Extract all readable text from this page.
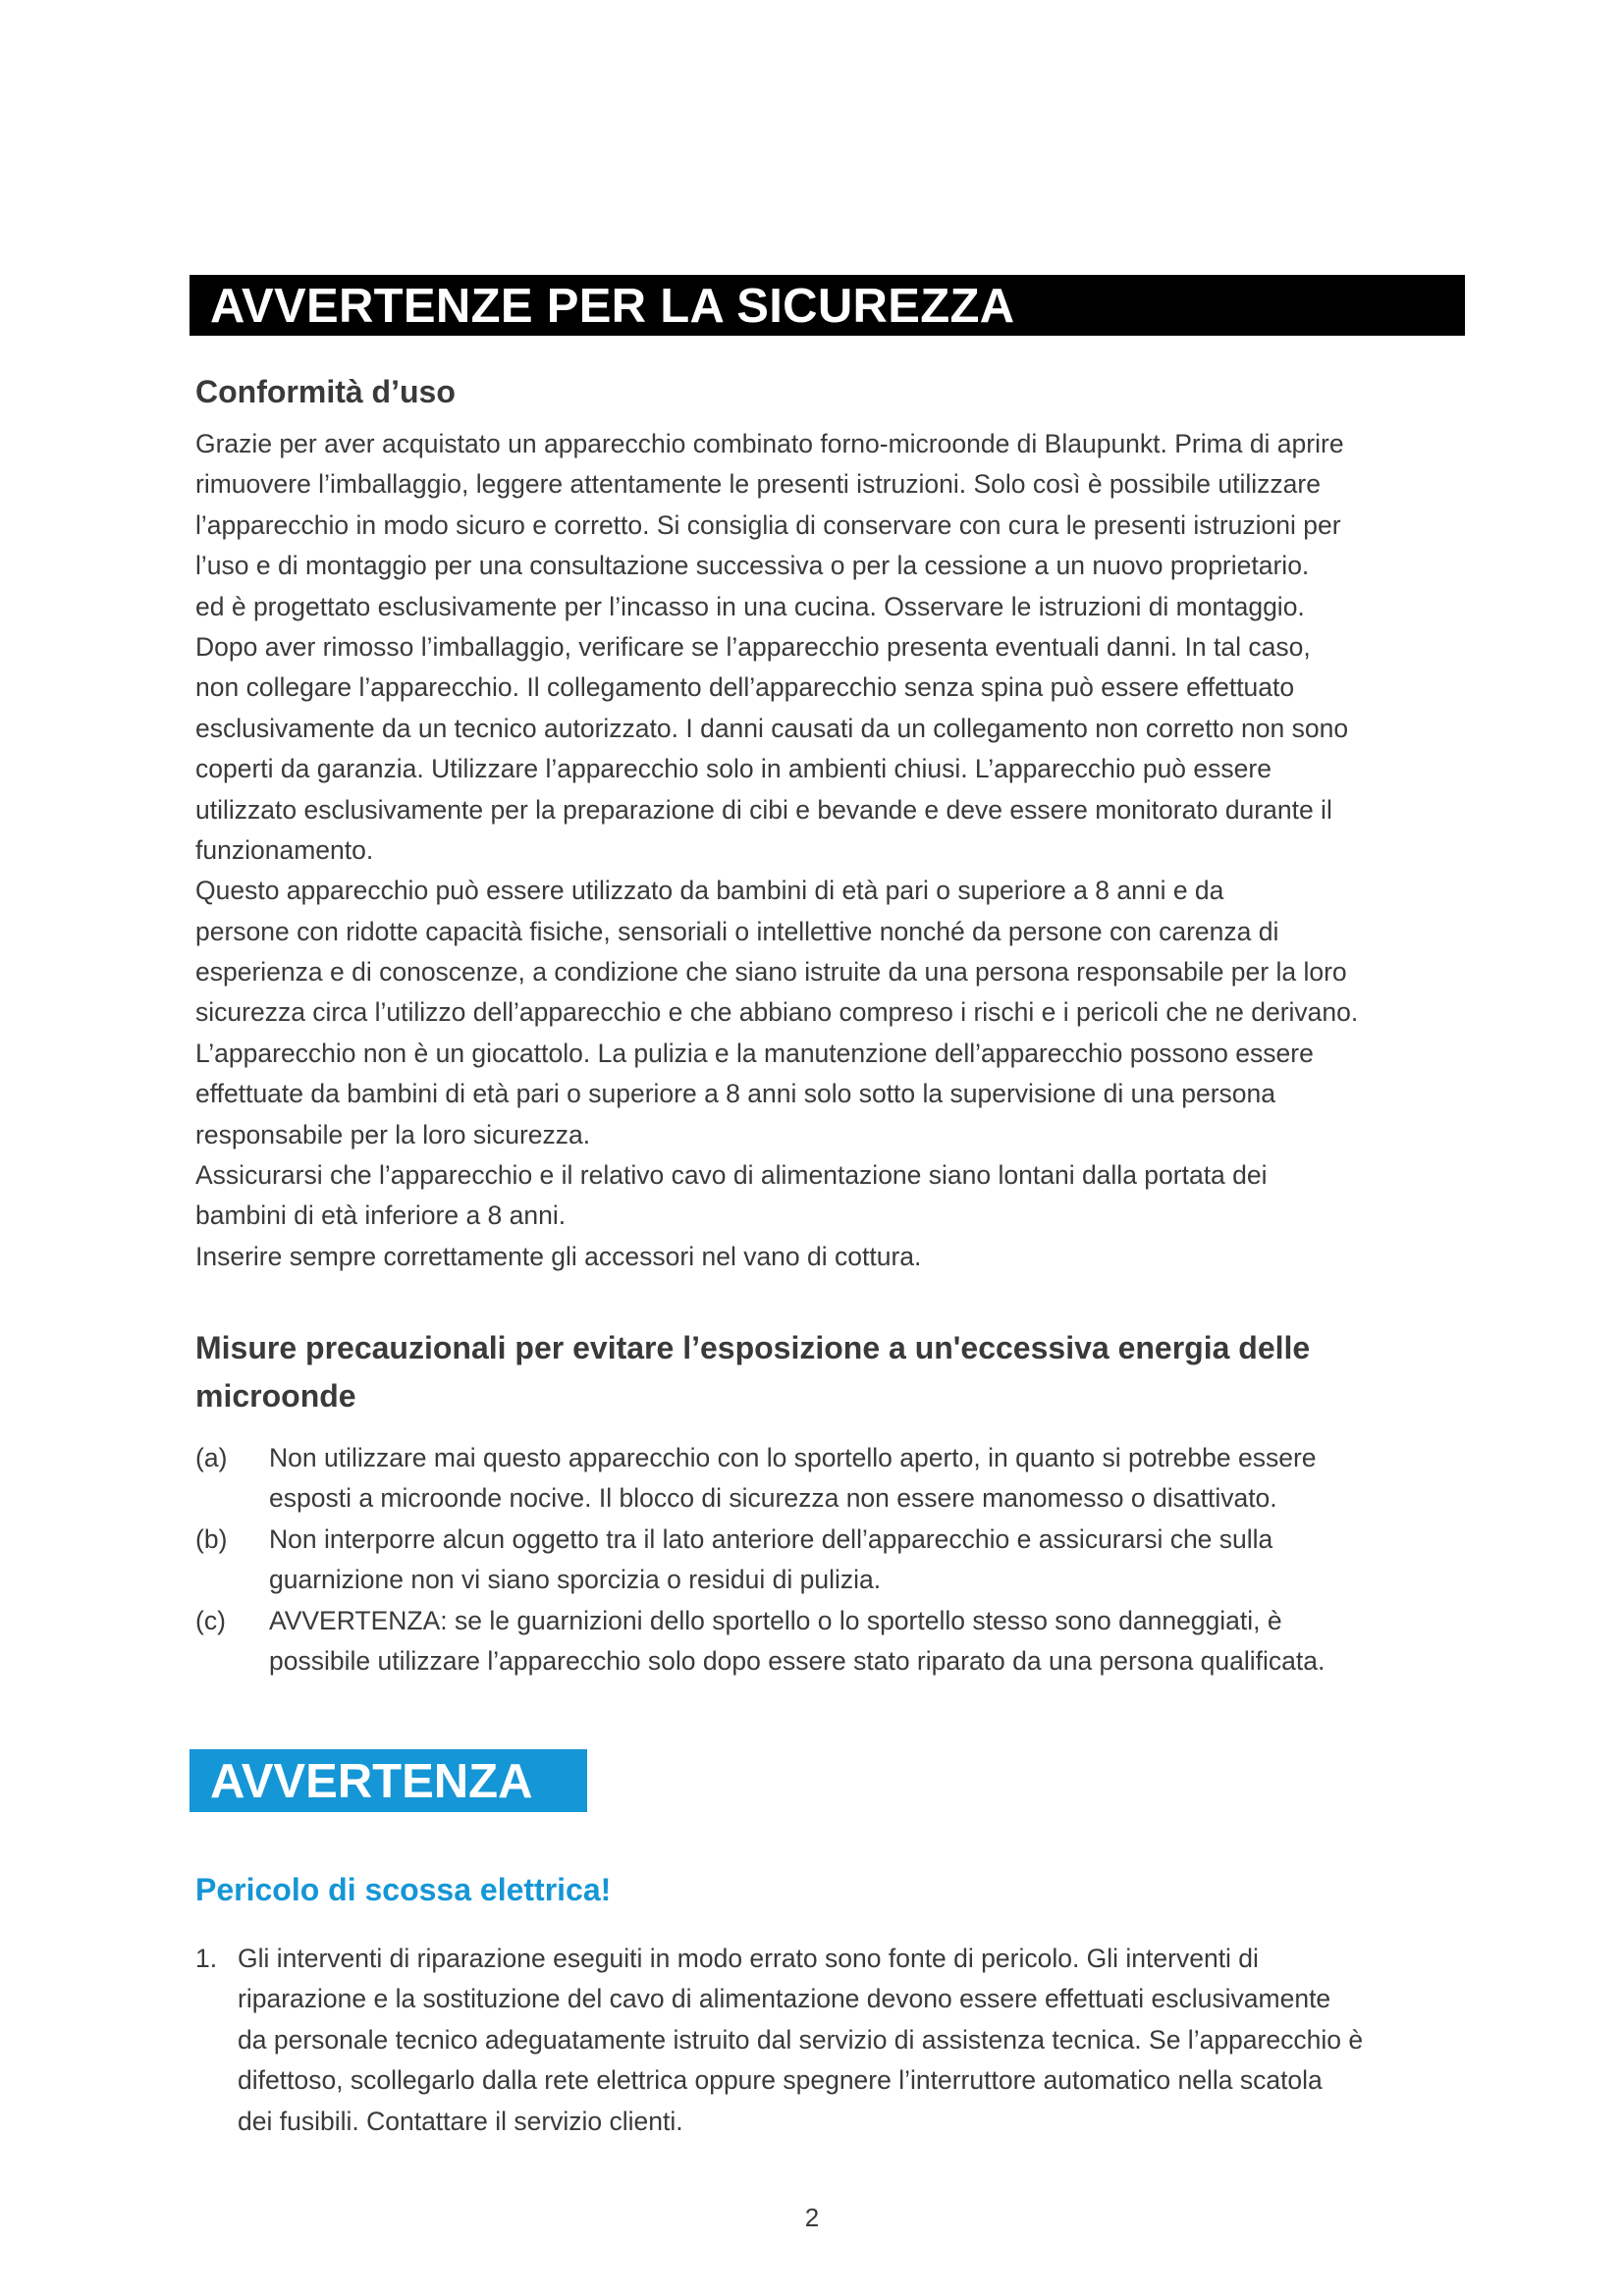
AVVERTENZE PER LA SICUREZZA
Conformità d’uso
Grazie per aver acquistato un apparecchio combinato forno-microonde di Blaupunkt. Prima di aprire
rimuovere l’imballaggio, leggere attentamente le presenti istruzioni. Solo così è possibile utilizzare
l’apparecchio in modo sicuro e corretto. Si consiglia di conservare con cura le presenti istruzioni per
l’uso e di montaggio per una consultazione successiva o per la cessione a un nuovo proprietario.
ed è progettato esclusivamente per l’incasso in una cucina. Osservare le istruzioni di montaggio.
Dopo aver rimosso l’imballaggio, verificare se l’apparecchio presenta eventuali danni. In tal caso,
non collegare l’apparecchio. Il collegamento dell’apparecchio senza spina può essere effettuato
esclusivamente da un tecnico autorizzato. I danni causati da un collegamento non corretto non sono
coperti da garanzia. Utilizzare l’apparecchio solo in ambienti chiusi. L’apparecchio può essere
utilizzato esclusivamente per la preparazione di cibi e bevande e deve essere monitorato durante il
funzionamento.
Questo apparecchio può essere utilizzato da bambini di età pari o superiore a 8 anni e da
persone con ridotte capacità fisiche, sensoriali o intellettive nonché da persone con carenza di
esperienza e di conoscenze, a condizione che siano istruite da una persona responsabile per la loro
sicurezza circa l’utilizzo dell’apparecchio e che abbiano compreso i rischi e i pericoli che ne derivano.
L’apparecchio non è un giocattolo. La pulizia e la manutenzione dell’apparecchio possono essere
effettuate da bambini di età pari o superiore a 8 anni solo sotto la supervisione di una persona
responsabile per la loro sicurezza.
Assicurarsi che l’apparecchio e il relativo cavo di alimentazione siano lontani dalla portata dei
bambini di età inferiore a 8 anni.
Inserire sempre correttamente gli accessori nel vano di cottura.
Misure precauzionali per evitare l’esposizione a un'eccessiva energia delle
microonde
(a)	Non utilizzare mai questo apparecchio con lo sportello aperto, in quanto si potrebbe essere
esposti a microonde nocive. Il blocco di sicurezza non essere manomesso o disattivato.
(b)	Non interporre alcun oggetto tra il lato anteriore dell’apparecchio e assicurarsi che sulla
guarnizione non vi siano sporcizia o residui di pulizia.
(c)	AVVERTENZA: se le guarnizioni dello sportello o lo sportello stesso sono danneggiati, è
possibile utilizzare l’apparecchio solo dopo essere stato riparato da una persona qualificata.
AVVERTENZA
Pericolo di scossa elettrica!
1. Gli interventi di riparazione eseguiti in modo errato sono fonte di pericolo. Gli interventi di
riparazione e la sostituzione del cavo di alimentazione devono essere effettuati esclusivamente
da personale tecnico adeguatamente istruito dal servizio di assistenza tecnica. Se l’apparecchio è
difettoso, scollegarlo dalla rete elettrica oppure spegnere l’interruttore automatico nella scatola
dei fusibili. Contattare il servizio clienti.
2
